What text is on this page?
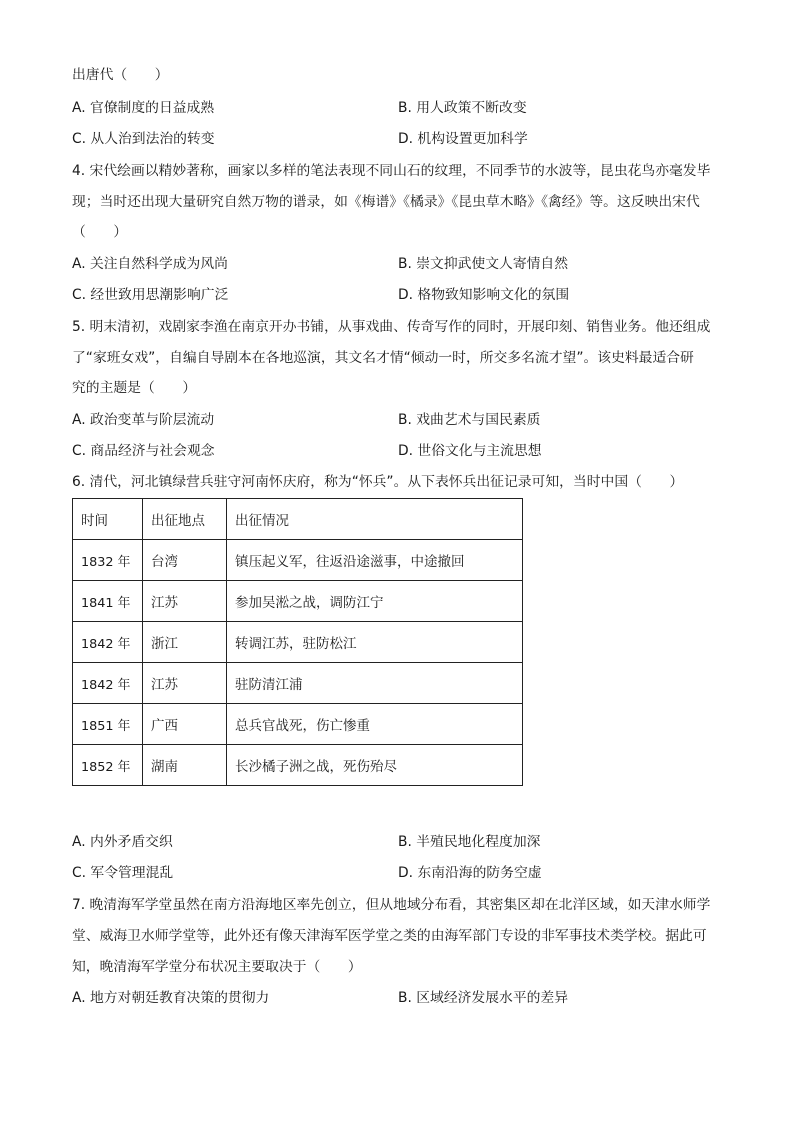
出唐代（　　）
A. 官僚制度的日益成熟	B. 用人政策不断改变
C. 从人治到法治的转变	D. 机构设置更加科学
4. 宋代绘画以精妙著称，画家以多样的笔法表现不同山石的纹理，不同季节的水波等，昆虫花鸟亦毫发毕
现；当时还出现大量研究自然万物的谱录，如《梅谱》《橘录》《昆虫草木略》《禽经》等。这反映出宋代
（　　）
A. 关注自然科学成为风尚	B. 崇文抑武使文人寄情自然
C. 经世致用思潮影响广泛	D. 格物致知影响文化的氛围
5. 明末清初，戏剧家李渔在南京开办书铺，从事戏曲、传奇写作的同时，开展印刻、销售业务。他还组成
了“家班女戏”，自编自导剧本在各地巡演，其文名才情“倾动一时，所交多名流才望”。该史料最适合研
究的主题是（　　）
A. 政治变革与阶层流动	B. 戏曲艺术与国民素质
C. 商品经济与社会观念	D. 世俗文化与主流思想
6. 清代，河北镇绿营兵驻守河南怀庆府，称为“怀兵”。从下表怀兵出征记录可知，当时中国（　　）
时间	出征地点	出征情况
1832 年	台湾	镇压起义军，往返沿途滋事，中途撤回
1841 年	江苏	参加吴淞之战，调防江宁
1842 年	浙江	转调江苏，驻防松江
1842 年	江苏	驻防清江浦
1851 年	广西	总兵官战死，伤亡惨重
1852 年	湖南	长沙橘子洲之战，死伤殆尽
A. 内外矛盾交织	B. 半殖民地化程度加深
C. 军令管理混乱	D. 东南沿海的防务空虚
7. 晚清海军学堂虽然在南方沿海地区率先创立，但从地域分布看，其密集区却在北洋区域，如天津水师学
堂、威海卫水师学堂等，此外还有像天津海军医学堂之类的由海军部门专设的非军事技术类学校。据此可
知，晚清海军学堂分布状况主要取决于（　　）
A. 地方对朝廷教育决策的贯彻力	B. 区域经济发展水平的差异
